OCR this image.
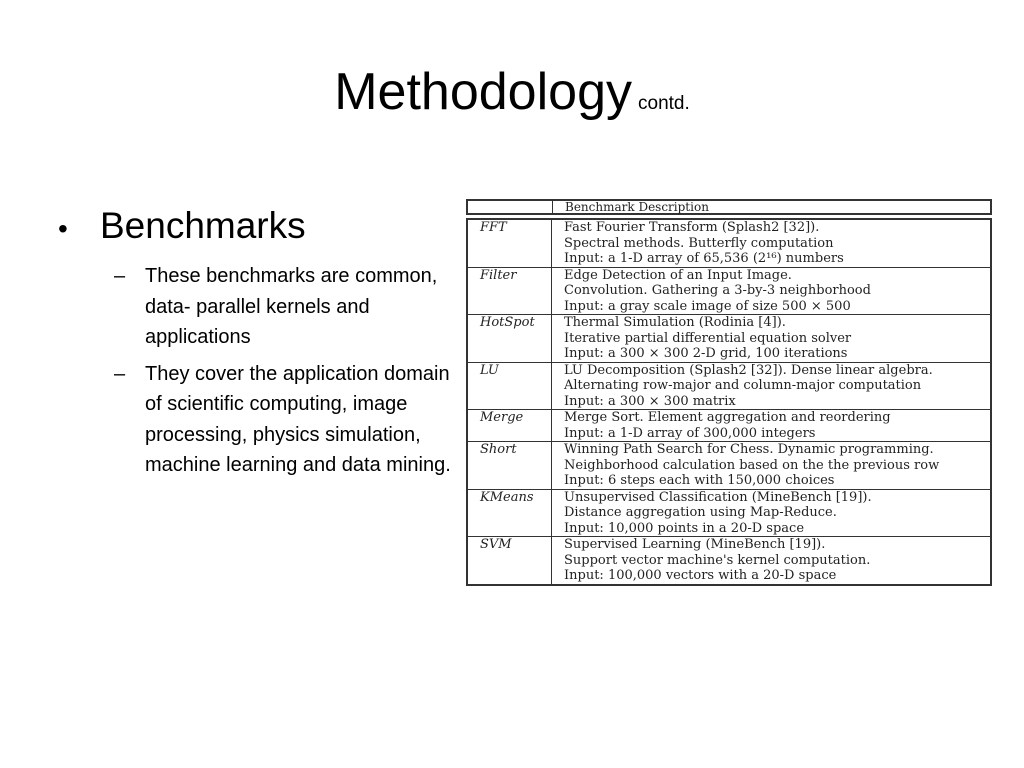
Methodology contd.
• Benchmarks
– These benchmarks are common, data- parallel kernels and applications
– They cover the application domain of scientific computing, image processing, physics simulation, machine learning and data mining.
Benchmark Description
FFT	Fast Fourier Transform (Splash2 [32]).
Spectral methods. Butterfly computation
Input: a 1-D array of 65,536 (2¹⁶) numbers
Filter	Edge Detection of an Input Image.
Convolution. Gathering a 3-by-3 neighborhood
Input: a gray scale image of size 500 × 500
HotSpot	Thermal Simulation (Rodinia [4]).
Iterative partial differential equation solver
Input: a 300 × 300 2-D grid, 100 iterations
LU	LU Decomposition (Splash2 [32]). Dense linear algebra.
Alternating row-major and column-major computation
Input: a 300 × 300 matrix
Merge	Merge Sort. Element aggregation and reordering
Input: a 1-D array of 300,000 integers
Short	Winning Path Search for Chess. Dynamic programming.
Neighborhood calculation based on the the previous row
Input: 6 steps each with 150,000 choices
KMeans	Unsupervised Classification (MineBench [19]).
Distance aggregation using Map-Reduce.
Input: 10,000 points in a 20-D space
SVM	Supervised Learning (MineBench [19]).
Support vector machine's kernel computation.
Input: 100,000 vectors with a 20-D space
